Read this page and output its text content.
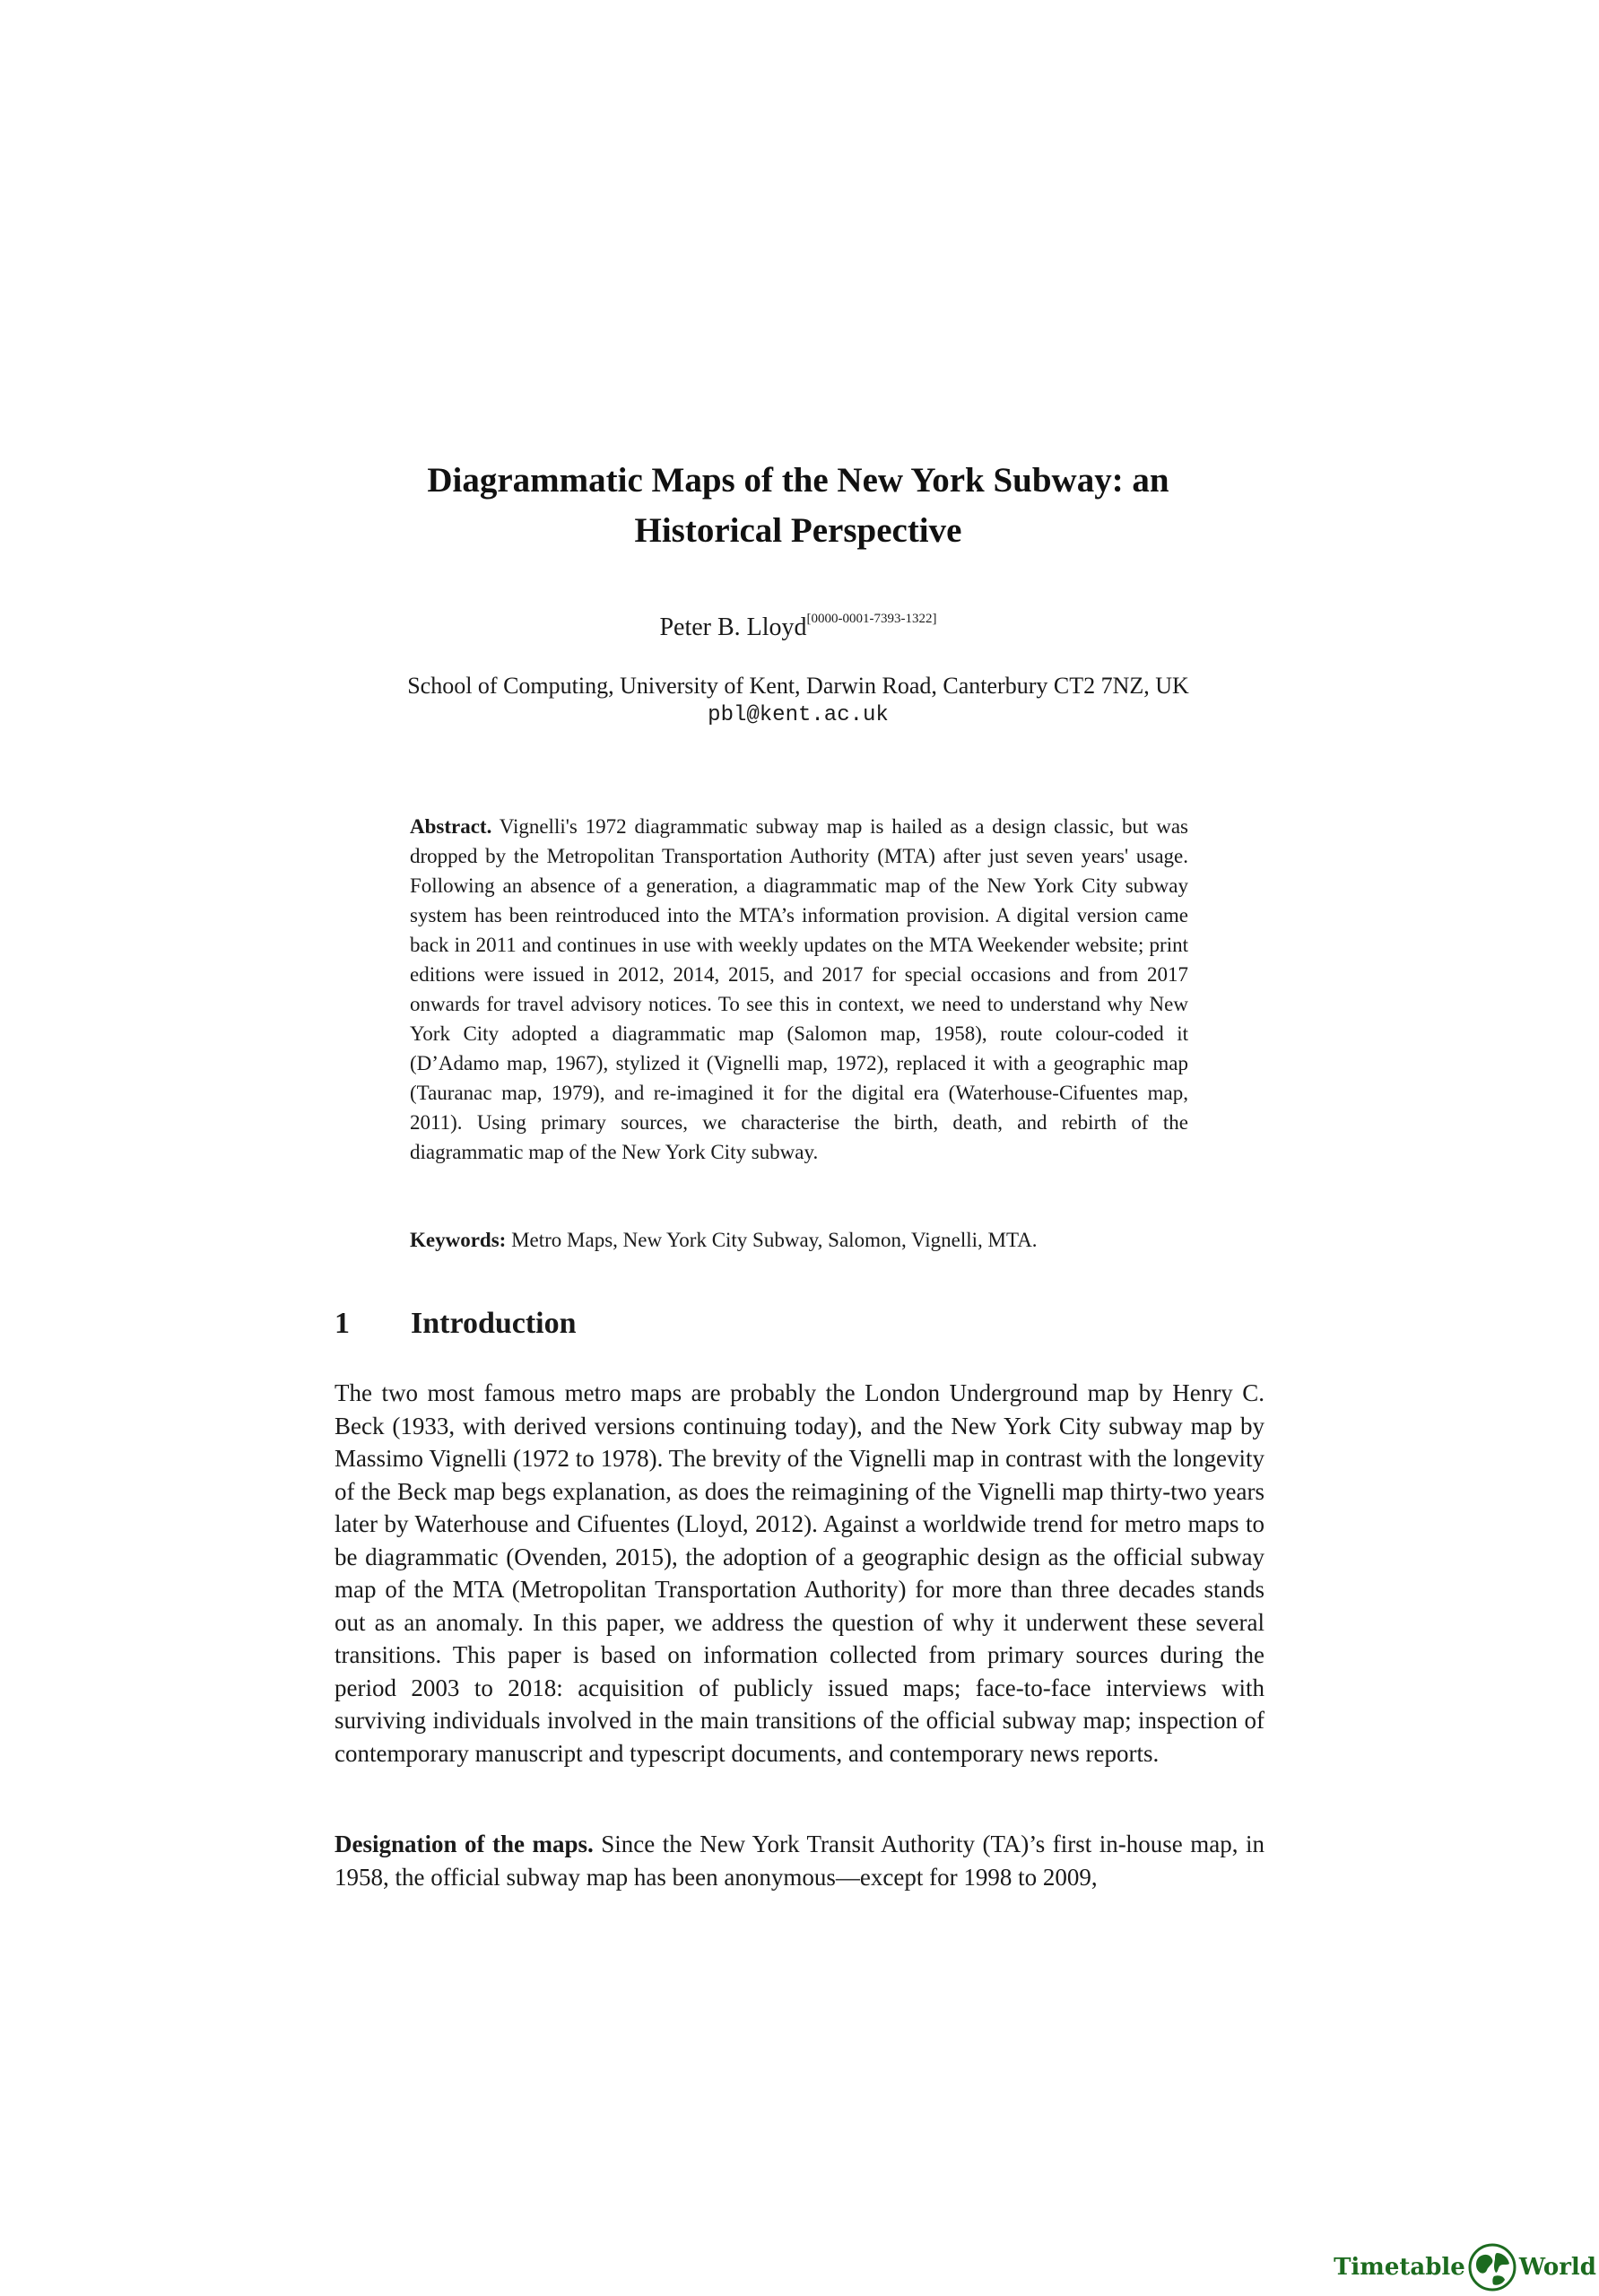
Diagrammatic Maps of the New York Subway: an
Historical Perspective
Peter B. Lloyd[0000-0001-7393-1322]
School of Computing, University of Kent, Darwin Road, Canterbury CT2 7NZ, UK
pbl@kent.ac.uk

Abstract. Vignelli's 1972 diagrammatic subway map is hailed as a design classic, but was dropped by the Metropolitan Transportation Authority (MTA) after just seven years' usage. Following an absence of a generation, a diagrammatic map of the New York City subway system has been reintroduced into the MTA’s information provision. A digital version came back in 2011 and continues in use with weekly updates on the MTA Weekender website; print editions were issued in 2012, 2014, 2015, and 2017 for special occasions and from 2017 onwards for travel advisory notices. To see this in context, we need to understand why New York City adopted a diagrammatic map (Salomon map, 1958), route colour-coded it (D’Adamo map, 1967), stylized it (Vignelli map, 1972), replaced it with a geographic map (Tauranac map, 1979), and re-imagined it for the digital era (Waterhouse-Cifuentes map, 2011). Using primary sources, we characterise the birth, death, and rebirth of the diagrammatic map of the New York City subway.

Keywords: Metro Maps, New York City Subway, Salomon, Vignelli, MTA.

1 Introduction

The two most famous metro maps are probably the London Underground map by Henry C. Beck (1933, with derived versions continuing today), and the New York City subway map by Massimo Vignelli (1972 to 1978). The brevity of the Vignelli map in contrast with the longevity of the Beck map begs explanation, as does the reimagining of the Vignelli map thirty-two years later by Waterhouse and Cifuentes (Lloyd, 2012). Against a worldwide trend for metro maps to be diagrammatic (Ovenden, 2015), the adoption of a geographic design as the official subway map of the MTA (Metropolitan Transportation Authority) for more than three decades stands out as an anomaly. In this paper, we address the question of why it underwent these several transitions. This paper is based on information collected from primary sources during the period 2003 to 2018: acquisition of publicly issued maps; face-to-face interviews with surviving individuals involved in the main transitions of the official subway map; inspection of contemporary manuscript and typescript documents, and contemporary news reports.

Designation of the maps. Since the New York Transit Authority (TA)’s first in-house map, in 1958, the official subway map has been anonymous—except for 1998 to 2009,

Timetable World
